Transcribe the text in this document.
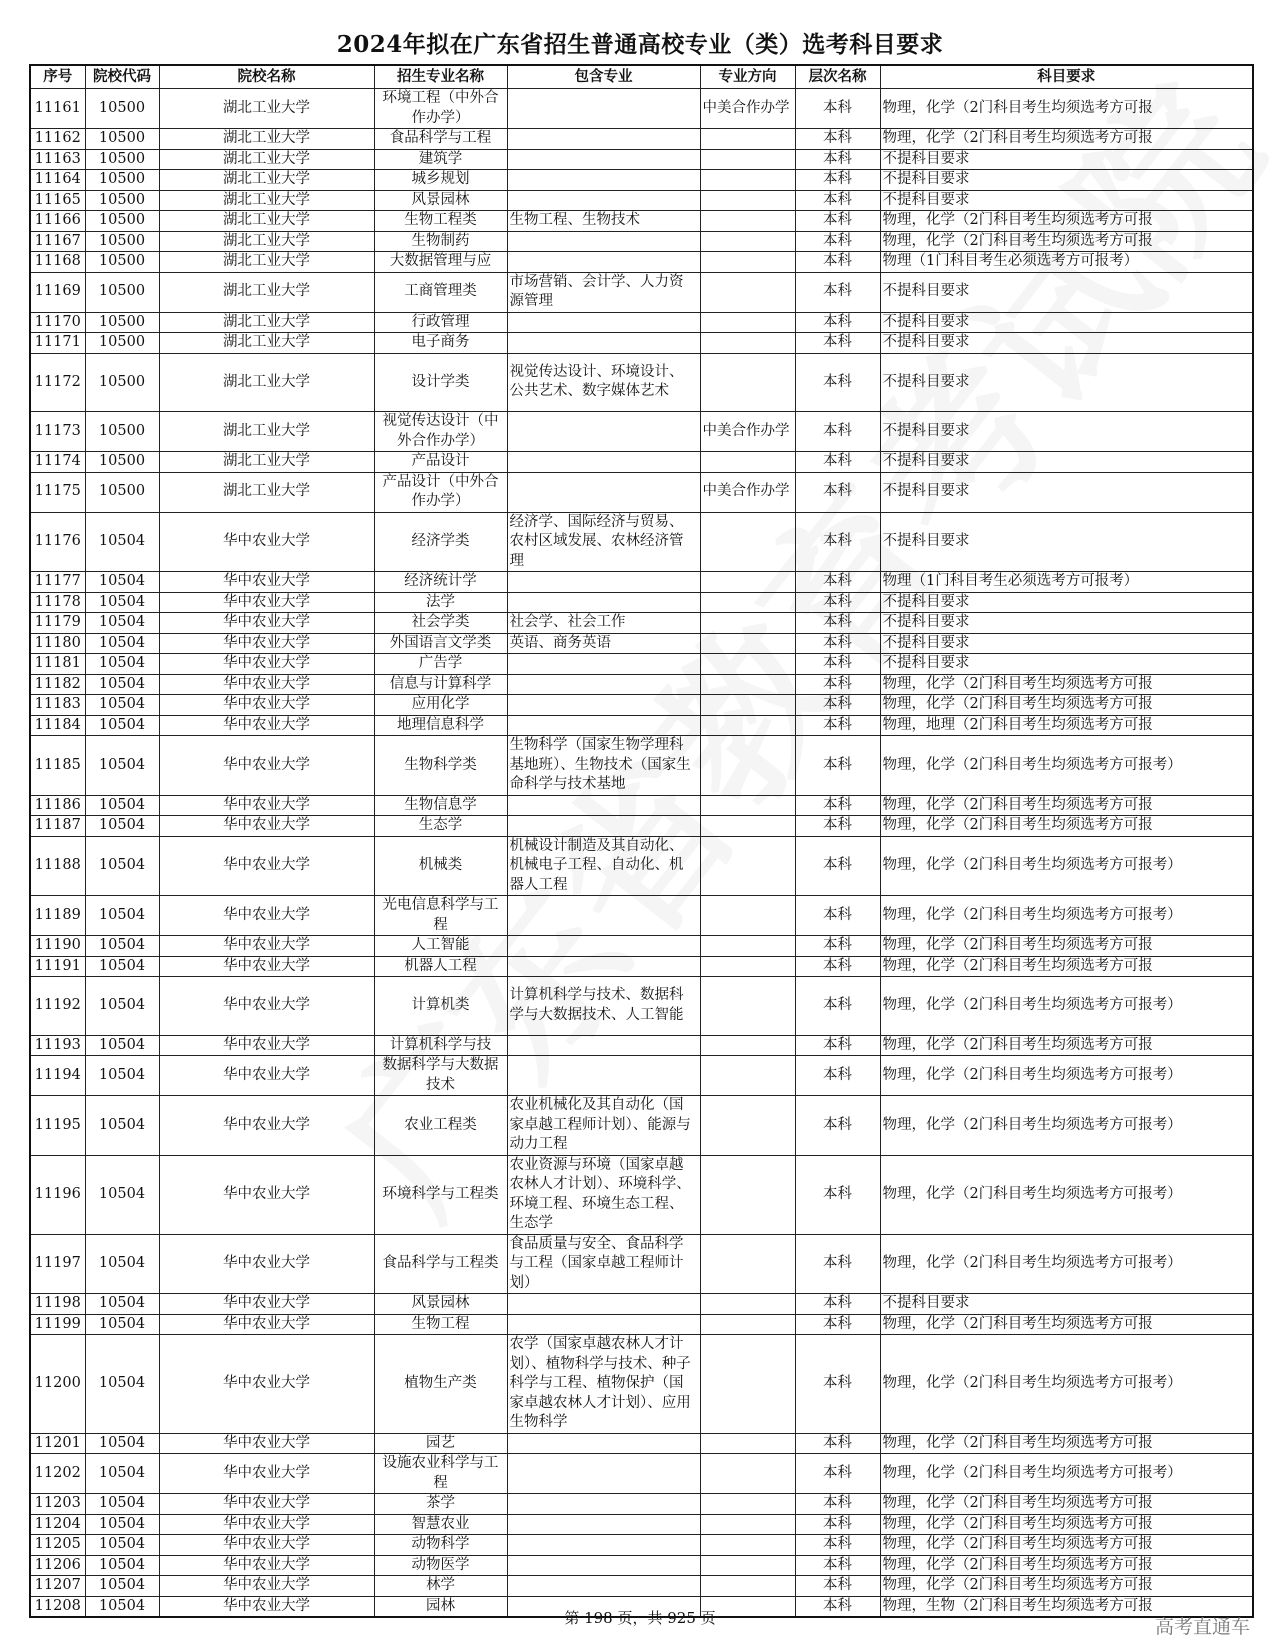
2024年拟在广东省招生普通高校专业（类）选考科目要求
序号	院校代码	院校名称	招生专业名称	包含专业	专业方向	层次名称	科目要求
11161	10500	湖北工业大学	环境工程（中外合作办学）		中美合作办学	本科	物理，化学（2门科目考生均须选考方可报
11162	10500	湖北工业大学	食品科学与工程			本科	物理，化学（2门科目考生均须选考方可报
11163	10500	湖北工业大学	建筑学			本科	不提科目要求
11164	10500	湖北工业大学	城乡规划			本科	不提科目要求
11165	10500	湖北工业大学	风景园林			本科	不提科目要求
11166	10500	湖北工业大学	生物工程类	生物工程、生物技术		本科	物理，化学（2门科目考生均须选考方可报
11167	10500	湖北工业大学	生物制药			本科	物理，化学（2门科目考生均须选考方可报
11168	10500	湖北工业大学	大数据管理与应			本科	物理（1门科目考生必须选考方可报考）
11169	10500	湖北工业大学	工商管理类	市场营销、会计学、人力资源管理		本科	不提科目要求
11170	10500	湖北工业大学	行政管理			本科	不提科目要求
11171	10500	湖北工业大学	电子商务			本科	不提科目要求
11172	10500	湖北工业大学	设计学类	视觉传达设计、环境设计、公共艺术、数字媒体艺术		本科	不提科目要求
11173	10500	湖北工业大学	视觉传达设计（中外合作办学）		中美合作办学	本科	不提科目要求
11174	10500	湖北工业大学	产品设计			本科	不提科目要求
11175	10500	湖北工业大学	产品设计（中外合作办学）		中美合作办学	本科	不提科目要求
11176	10504	华中农业大学	经济学类	经济学、国际经济与贸易、农村区域发展、农林经济管理		本科	不提科目要求
11177	10504	华中农业大学	经济统计学			本科	物理（1门科目考生必须选考方可报考）
11178	10504	华中农业大学	法学			本科	不提科目要求
11179	10504	华中农业大学	社会学类	社会学、社会工作		本科	不提科目要求
11180	10504	华中农业大学	外国语言文学类	英语、商务英语		本科	不提科目要求
11181	10504	华中农业大学	广告学			本科	不提科目要求
11182	10504	华中农业大学	信息与计算科学			本科	物理，化学（2门科目考生均须选考方可报
11183	10504	华中农业大学	应用化学			本科	物理，化学（2门科目考生均须选考方可报
11184	10504	华中农业大学	地理信息科学			本科	物理，地理（2门科目考生均须选考方可报
11185	10504	华中农业大学	生物科学类	生物科学（国家生物学理科基地班）、生物技术（国家生命科学与技术基地		本科	物理，化学（2门科目考生均须选考方可报考）
11186	10504	华中农业大学	生物信息学			本科	物理，化学（2门科目考生均须选考方可报
11187	10504	华中农业大学	生态学			本科	物理，化学（2门科目考生均须选考方可报
11188	10504	华中农业大学	机械类	机械设计制造及其自动化、机械电子工程、自动化、机器人工程		本科	物理，化学（2门科目考生均须选考方可报考）
11189	10504	华中农业大学	光电信息科学与工程			本科	物理，化学（2门科目考生均须选考方可报考）
11190	10504	华中农业大学	人工智能			本科	物理，化学（2门科目考生均须选考方可报
11191	10504	华中农业大学	机器人工程			本科	物理，化学（2门科目考生均须选考方可报
11192	10504	华中农业大学	计算机类	计算机科学与技术、数据科学与大数据技术、人工智能		本科	物理，化学（2门科目考生均须选考方可报考）
11193	10504	华中农业大学	计算机科学与技			本科	物理，化学（2门科目考生均须选考方可报
11194	10504	华中农业大学	数据科学与大数据技术			本科	物理，化学（2门科目考生均须选考方可报考）
11195	10504	华中农业大学	农业工程类	农业机械化及其自动化（国家卓越工程师计划）、能源与动力工程		本科	物理，化学（2门科目考生均须选考方可报考）
11196	10504	华中农业大学	环境科学与工程类	农业资源与环境（国家卓越农林人才计划）、环境科学、环境工程、环境生态工程、生态学		本科	物理，化学（2门科目考生均须选考方可报考）
11197	10504	华中农业大学	食品科学与工程类	食品质量与安全、食品科学与工程（国家卓越工程师计划）		本科	物理，化学（2门科目考生均须选考方可报考）
11198	10504	华中农业大学	风景园林			本科	不提科目要求
11199	10504	华中农业大学	生物工程			本科	物理，化学（2门科目考生均须选考方可报
11200	10504	华中农业大学	植物生产类	农学（国家卓越农林人才计划）、植物科学与技术、种子科学与工程、植物保护（国家卓越农林人才计划）、应用生物科学		本科	物理，化学（2门科目考生均须选考方可报考）
11201	10504	华中农业大学	园艺			本科	物理，化学（2门科目考生均须选考方可报
11202	10504	华中农业大学	设施农业科学与工程			本科	物理，化学（2门科目考生均须选考方可报考）
11203	10504	华中农业大学	茶学			本科	物理，化学（2门科目考生均须选考方可报
11204	10504	华中农业大学	智慧农业			本科	物理，化学（2门科目考生均须选考方可报
11205	10504	华中农业大学	动物科学			本科	物理，化学（2门科目考生均须选考方可报
11206	10504	华中农业大学	动物医学			本科	物理，化学（2门科目考生均须选考方可报
11207	10504	华中农业大学	林学			本科	物理，化学（2门科目考生均须选考方可报
11208	10504	华中农业大学	园林			本科	物理，生物（2门科目考生均须选考方可报
第 198 页，共 925 页	高考直通车
